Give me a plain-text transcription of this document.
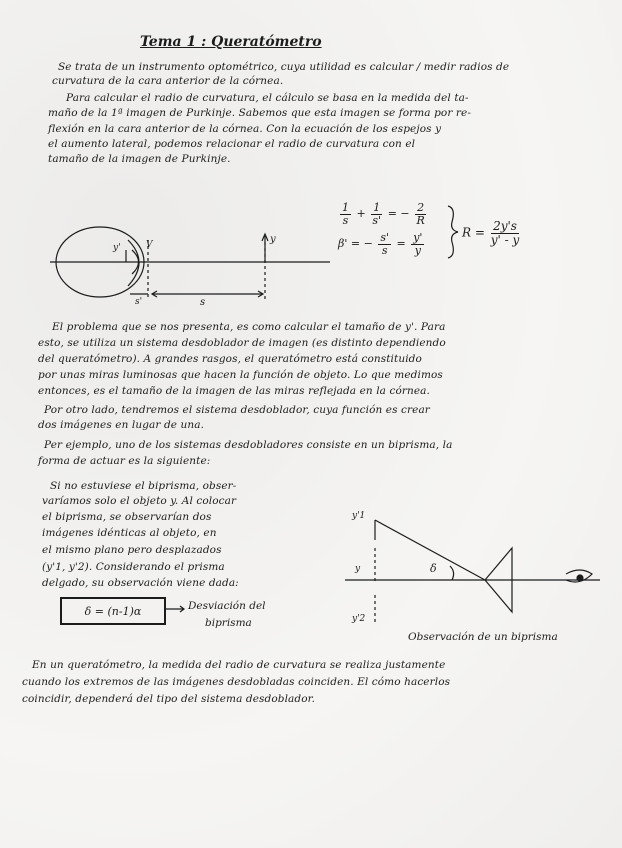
Tema 1 : Queratómetro
Se trata de un instrumento optométrico, cuya utilidad es calcular / medir radios de
curvatura de la cara anterior de la córnea.
Para calcular el radio de curvatura, el cálculo se basa en la medida del ta-
maño de la 1ª imagen de Purkinje. Sabemos que esta imagen se forma por re-
flexión en la cara anterior de la córnea. Con la ecuación de los espejos y
el aumento lateral, podemos relacionar el radio de curvatura con el
tamaño de la imagen de Purkinje.
$\frac{1}{s} + \frac{1}{s'}$ = − $\frac{2}{R}$
β' = − $\frac{s'}{s} = \frac{y'}{y}$	$R = \frac{2y's}{y' - y}$
y'	V	y
s'	s
El problema que se nos presenta, es como calcular el tamaño de y'. Para
esto, se utiliza un sistema desdoblador de imagen (es distinto dependiendo
del queratómetro). A grandes rasgos, el queratómetro está constituido
por unas miras luminosas que hacen la función de objeto. Lo que medimos
entonces, es el tamaño de la imagen de las miras reflejada en la córnea.
Por otro lado, tendremos el sistema desdoblador, cuya función es crear
dos imágenes en lugar de una.
Per ejemplo, uno de los sistemas desdobladores consiste en un biprisma, la
forma de actuar es la siguiente:
Si no estuviese el biprisma, obser-
varíamos solo el objeto y. Al colocar
el biprisma, se observarían dos
imágenes idénticas al objeto, en
el mismo plano pero desplazados
(y'1, y'2). Considerando el prisma
delgado, su observación viene dada:
δ = (n-1)α	Desviación del
biprisma
y'1
y
y'2
δ
Observación de un biprisma
En un queratómetro, la medida del radio de curvatura se realiza justamente
cuando los extremos de las imágenes desdobladas coinciden. El cómo hacerlos
coincidir, dependerá del tipo del sistema desdoblador.
